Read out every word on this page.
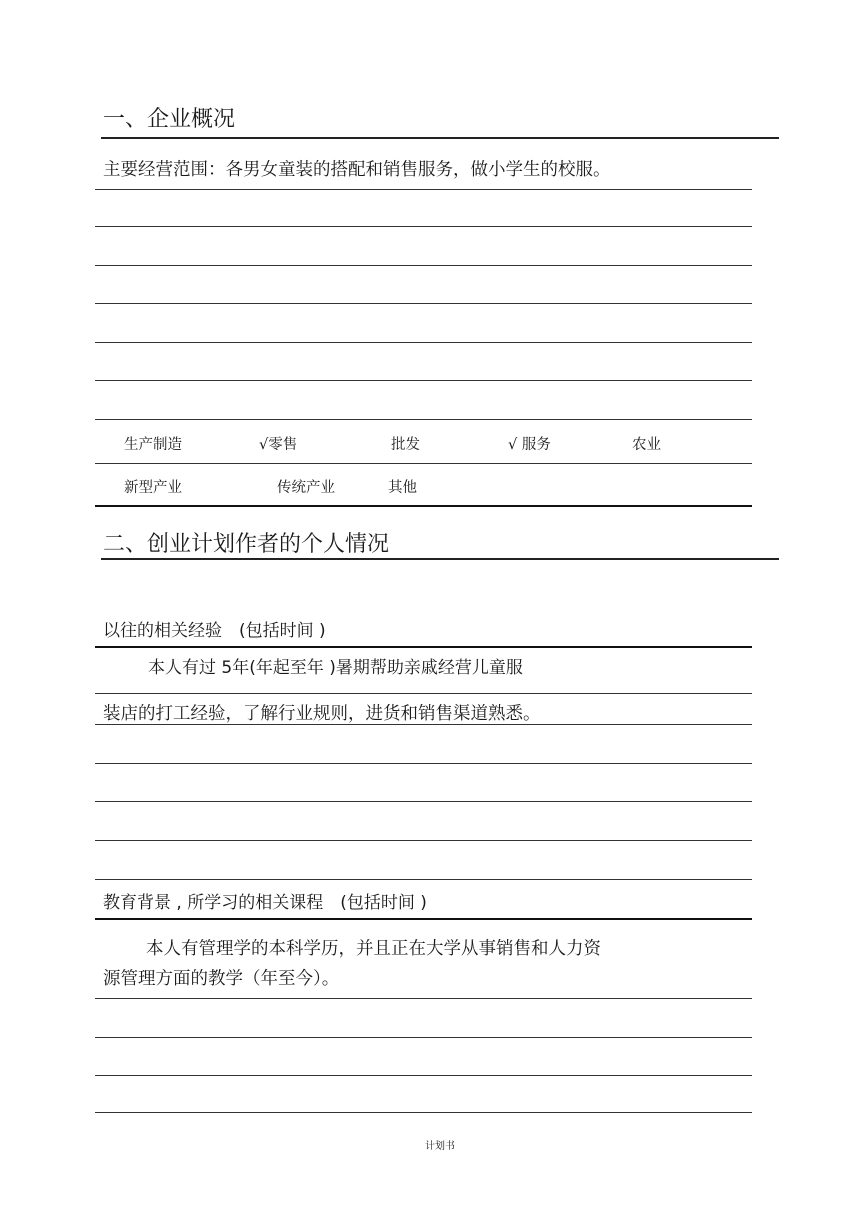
一、企业概况
主要经营范围：各男女童装的搭配和销售服务，做小学生的校服。
生产制造	√零售	批发	√ 服务	农业
新型产业	传统产业	其他
二、创业计划作者的个人情况
以往的相关经验　(包括时间 )
本人有过 5年(年起至年 )暑期帮助亲戚经营儿童服
装店的打工经验，了解行业规则，进货和销售渠道熟悉。
教育背景 , 所学习的相关课程　(包括时间 )
本人有管理学的本科学历，并且正在大学从事销售和人力资
源管理方面的教学（年至今）。
计划书
